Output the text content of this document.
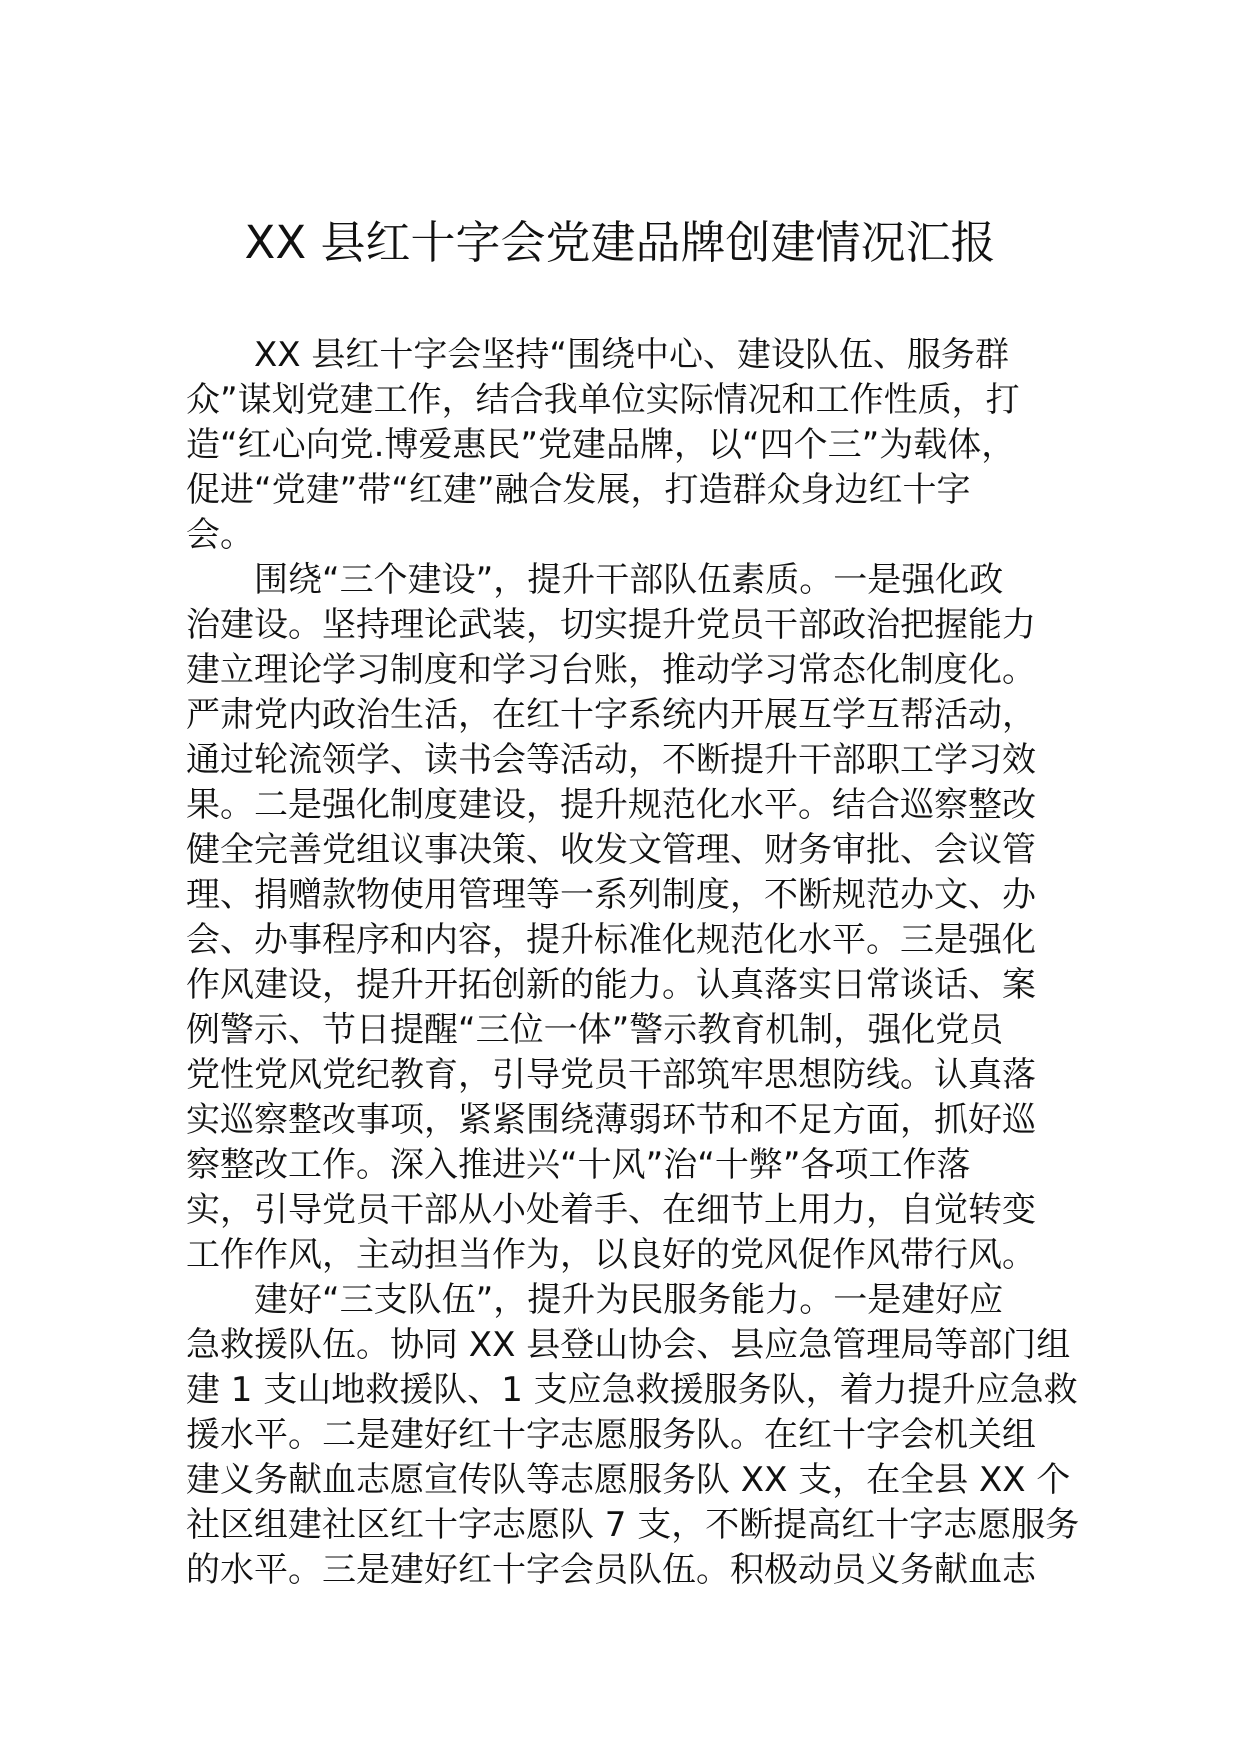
XX 县红十字会党建品牌创建情况汇报
XX 县红十字会坚持“围绕中心、建设队伍、服务群
众”谋划党建工作，结合我单位实际情况和工作性质，打
造“红心向党.博爱惠民”党建品牌，以“四个三”为载体，
促进“党建”带“红建”融合发展，打造群众身边红十字
会。
围绕“三个建设”，提升干部队伍素质。一是强化政
治建设。坚持理论武装，切实提升党员干部政治把握能力
建立理论学习制度和学习台账，推动学习常态化制度化。
严肃党内政治生活，在红十字系统内开展互学互帮活动，
通过轮流领学、读书会等活动，不断提升干部职工学习效
果。二是强化制度建设，提升规范化水平。结合巡察整改
健全完善党组议事决策、收发文管理、财务审批、会议管
理、捐赠款物使用管理等一系列制度，不断规范办文、办
会、办事程序和内容，提升标准化规范化水平。三是强化
作风建设，提升开拓创新的能力。认真落实日常谈话、案
例警示、节日提醒“三位一体”警示教育机制，强化党员
党性党风党纪教育，引导党员干部筑牢思想防线。认真落
实巡察整改事项，紧紧围绕薄弱环节和不足方面，抓好巡
察整改工作。深入推进兴“十风”治“十弊”各项工作落
实，引导党员干部从小处着手、在细节上用力，自觉转变
工作作风，主动担当作为，以良好的党风促作风带行风。
建好“三支队伍”，提升为民服务能力。一是建好应
急救援队伍。协同 XX 县登山协会、县应急管理局等部门组
建 1 支山地救援队、1 支应急救援服务队，着力提升应急救
援水平。二是建好红十字志愿服务队。在红十字会机关组
建义务献血志愿宣传队等志愿服务队 XX 支，在全县 XX 个
社区组建社区红十字志愿队 7 支，不断提高红十字志愿服务
的水平。三是建好红十字会员队伍。积极动员义务献血志
